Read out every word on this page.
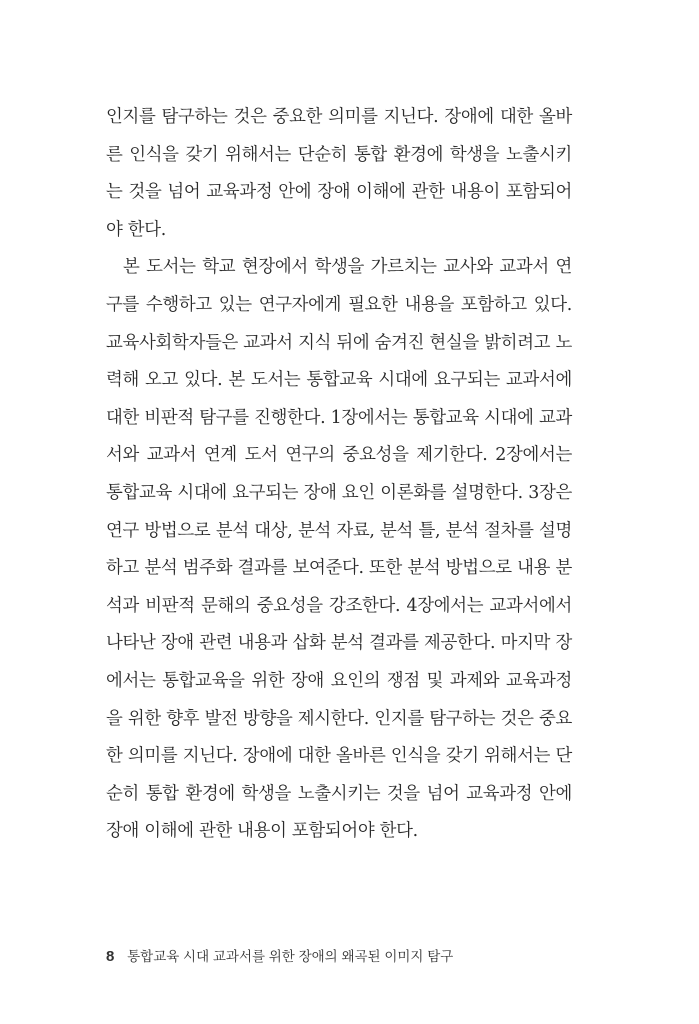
인지를 탐구하는 것은 중요한 의미를 지닌다. 장애에 대한 올바
른 인식을 갖기 위해서는 단순히 통합 환경에 학생을 노출시키
는 것을 넘어 교육과정 안에 장애 이해에 관한 내용이 포함되어
야 한다.
본 도서는 학교 현장에서 학생을 가르치는 교사와 교과서 연
구를 수행하고 있는 연구자에게 필요한 내용을 포함하고 있다.
교육사회학자들은 교과서 지식 뒤에 숨겨진 현실을 밝히려고 노
력해 오고 있다. 본 도서는 통합교육 시대에 요구되는 교과서에
대한 비판적 탐구를 진행한다. 1장에서는 통합교육 시대에 교과
서와 교과서 연계 도서 연구의 중요성을 제기한다. 2장에서는
통합교육 시대에 요구되는 장애 요인 이론화를 설명한다. 3장은
연구 방법으로 분석 대상, 분석 자료, 분석 틀, 분석 절차를 설명
하고 분석 범주화 결과를 보여준다. 또한 분석 방법으로 내용 분
석과 비판적 문해의 중요성을 강조한다. 4장에서는 교과서에서
나타난 장애 관련 내용과 삽화 분석 결과를 제공한다. 마지막 장
에서는 통합교육을 위한 장애 요인의 쟁점 및 과제와 교육과정
을 위한 향후 발전 방향을 제시한다. 인지를 탐구하는 것은 중요
한 의미를 지닌다. 장애에 대한 올바른 인식을 갖기 위해서는 단
순히 통합 환경에 학생을 노출시키는 것을 넘어 교육과정 안에
장애 이해에 관한 내용이 포함되어야 한다.
8 통합교육 시대 교과서를 위한 장애의 왜곡된 이미지 탐구
